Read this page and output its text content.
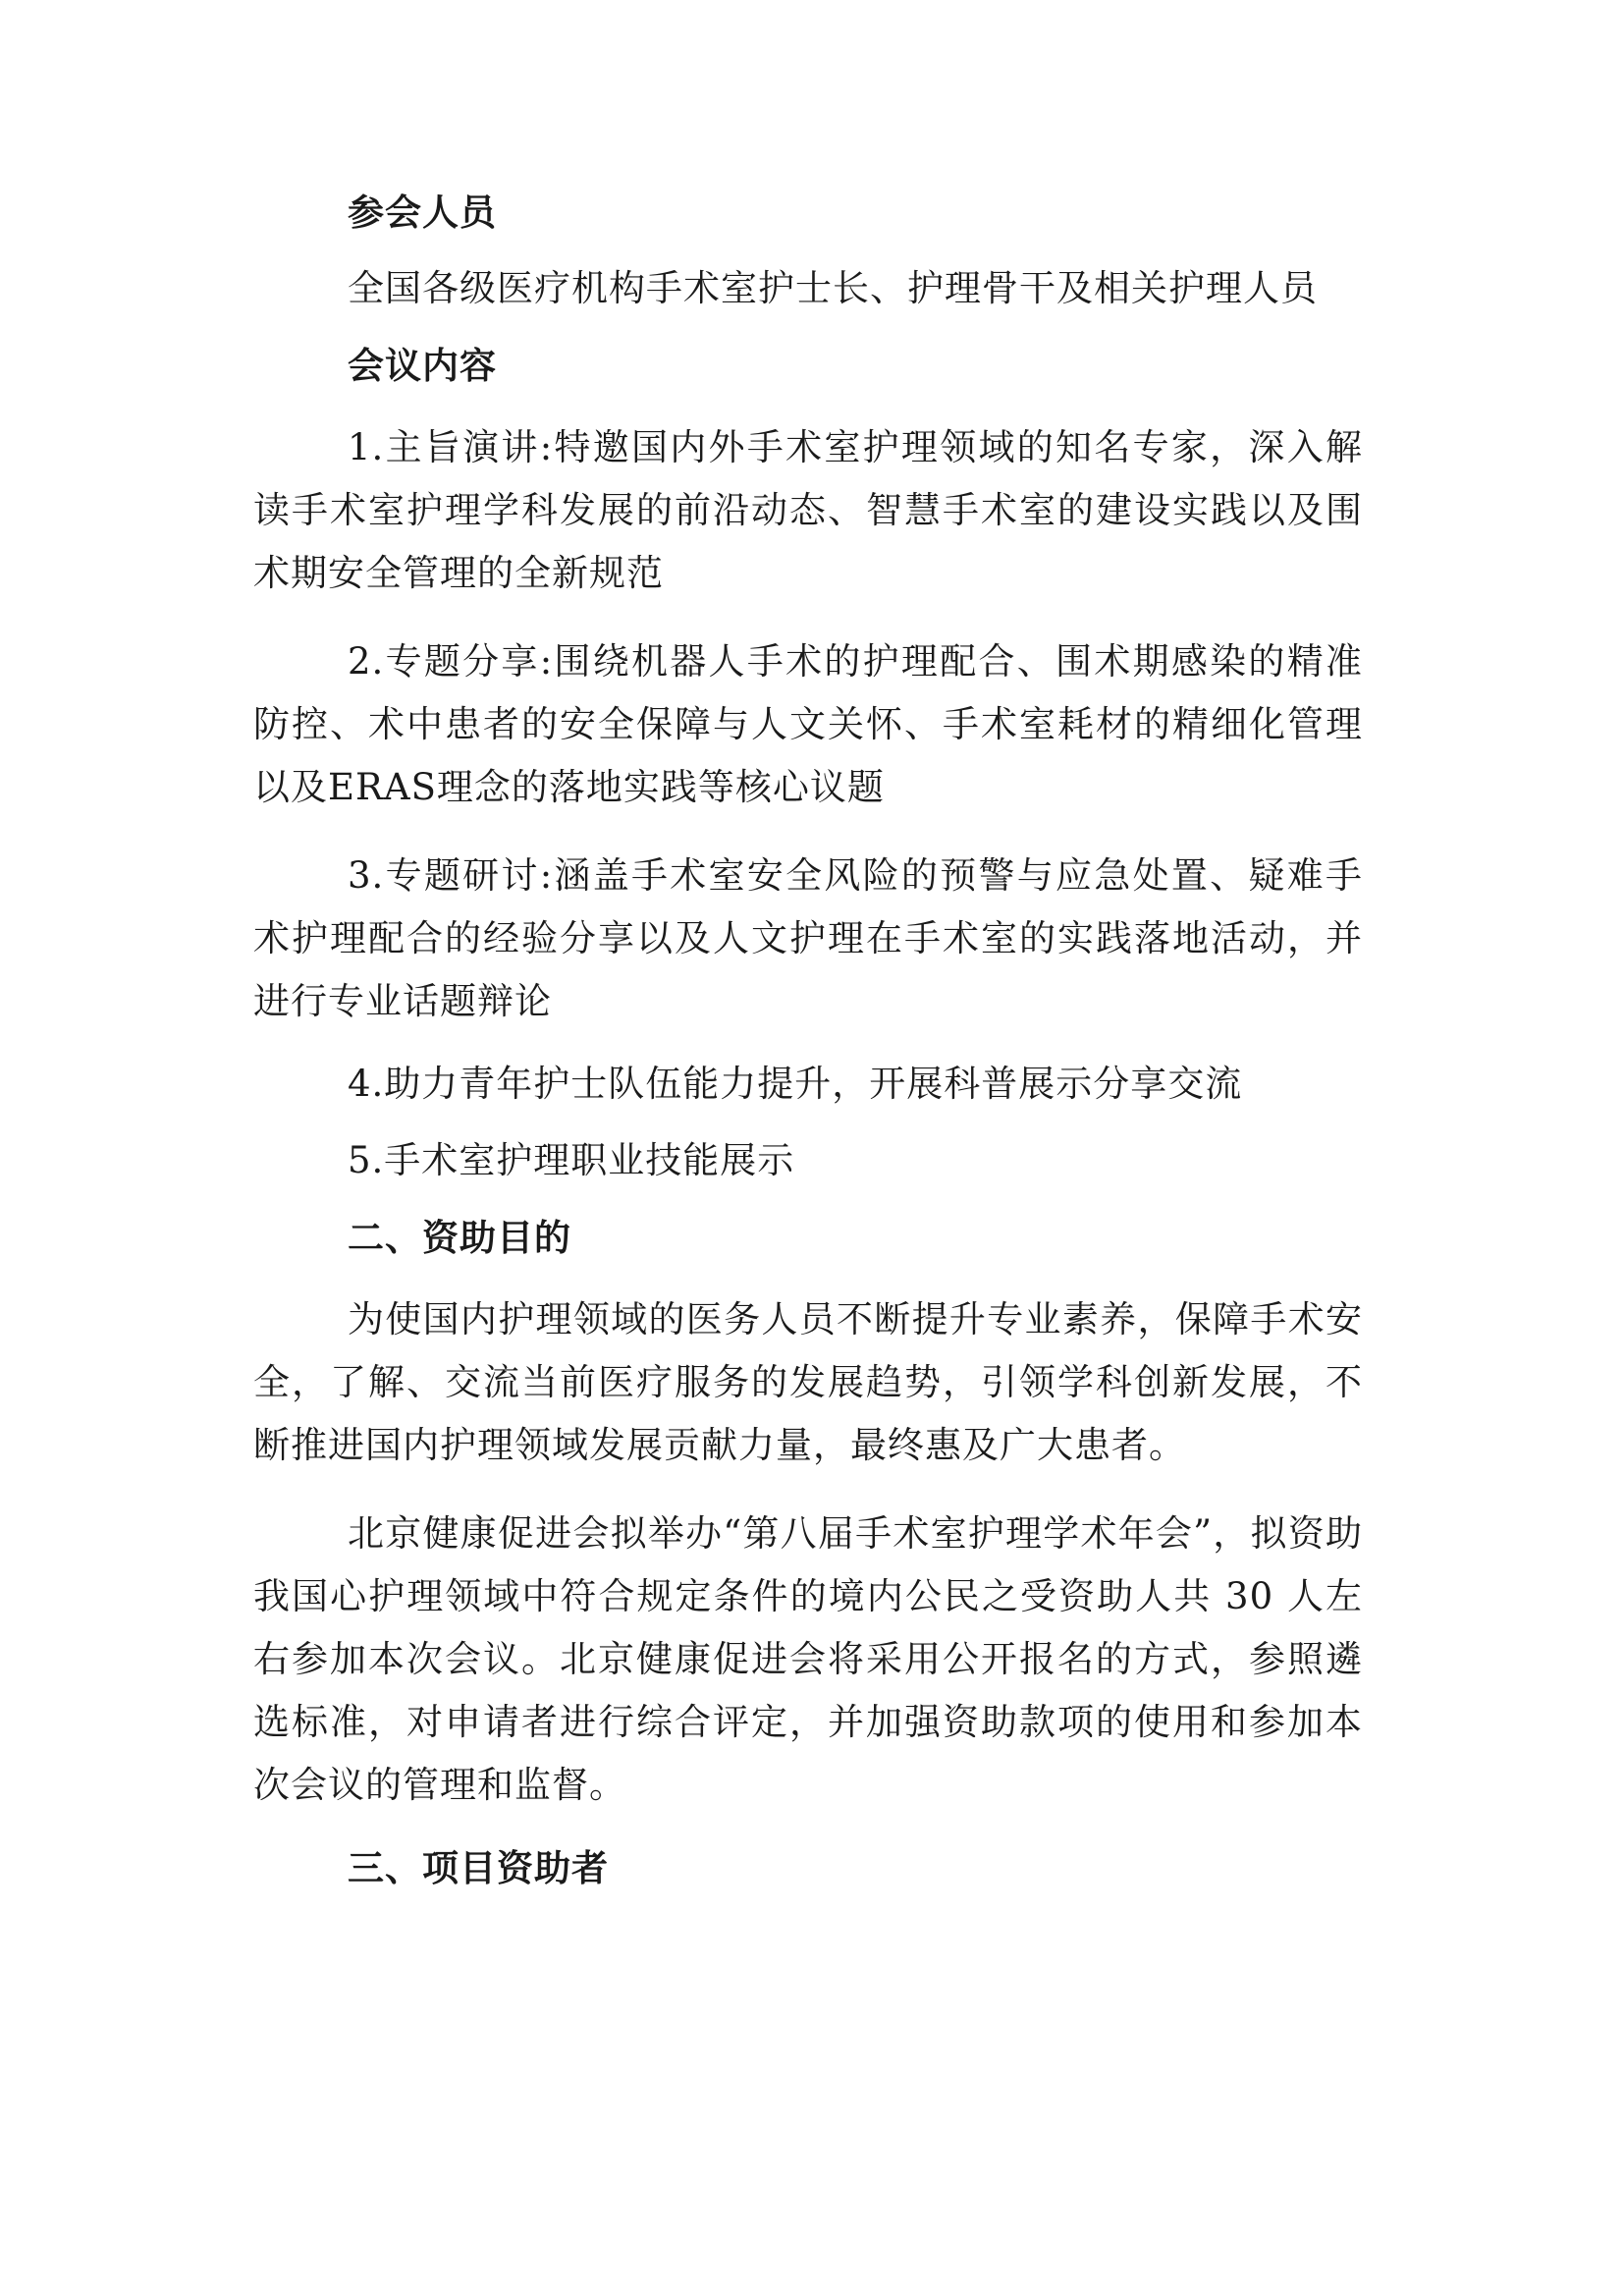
参会人员
全国各级医疗机构手术室护士长、护理骨干及相关护理人员
会议内容
1.主旨演讲:特邀国内外手术室护理领域的知名专家，深入解读手术室护理学科发展的前沿动态、智慧手术室的建设实践以及围术期安全管理的全新规范
2.专题分享:围绕机器人手术的护理配合、围术期感染的精准防控、术中患者的安全保障与人文关怀、手术室耗材的精细化管理以及ERAS理念的落地实践等核心议题
3.专题研讨:涵盖手术室安全风险的预警与应急处置、疑难手术护理配合的经验分享以及人文护理在手术室的实践落地活动，并进行专业话题辩论
4.助力青年护士队伍能力提升，开展科普展示分享交流
5.手术室护理职业技能展示
二、资助目的
为使国内护理领域的医务人员不断提升专业素养，保障手术安全，了解、交流当前医疗服务的发展趋势，引领学科创新发展，不断推进国内护理领域发展贡献力量，最终惠及广大患者。
北京健康促进会拟举办“第八届手术室护理学术年会”，拟资助我国心护理领域中符合规定条件的境内公民之受资助人共 30 人左右参加本次会议。北京健康促进会将采用公开报名的方式，参照遴选标准，对申请者进行综合评定，并加强资助款项的使用和参加本次会议的管理和监督。
三、项目资助者
